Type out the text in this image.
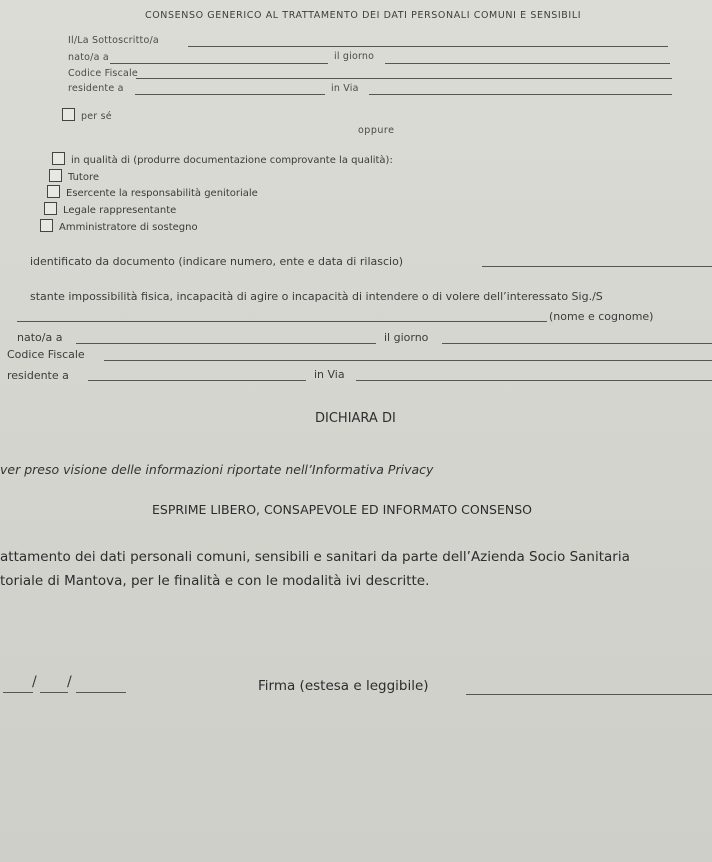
CONSENSO GENERICO AL TRATTAMENTO DEI DATI PERSONALI COMUNI E SENSIBILI
Il/La Sottoscritto/a
nato/a a	il giorno
Codice Fiscale
residente a	in Via
per sé
oppure
in qualità di (produrre documentazione comprovante la qualità):
Tutore
Esercente la responsabilità genitoriale
Legale rappresentante
Amministratore di sostegno
identificato da documento (indicare numero, ente e data di rilascio)
stante impossibilità fisica, incapacità di agire o incapacità di intendere o di volere dell’interessato Sig./S
(nome e cognome)
nato/a a	il giorno
Codice Fiscale
residente a	in Via
DICHIARA DI
ver preso visione delle informazioni riportate nell’Informativa Privacy
ESPRIME LIBERO, CONSAPEVOLE ED INFORMATO CONSENSO
attamento dei dati personali comuni, sensibili e sanitari da parte dell’Azienda Socio Sanitaria
toriale di Mantova, per le finalità e con le modalità ivi descritte.
/ /	Firma (estesa e leggibile)
